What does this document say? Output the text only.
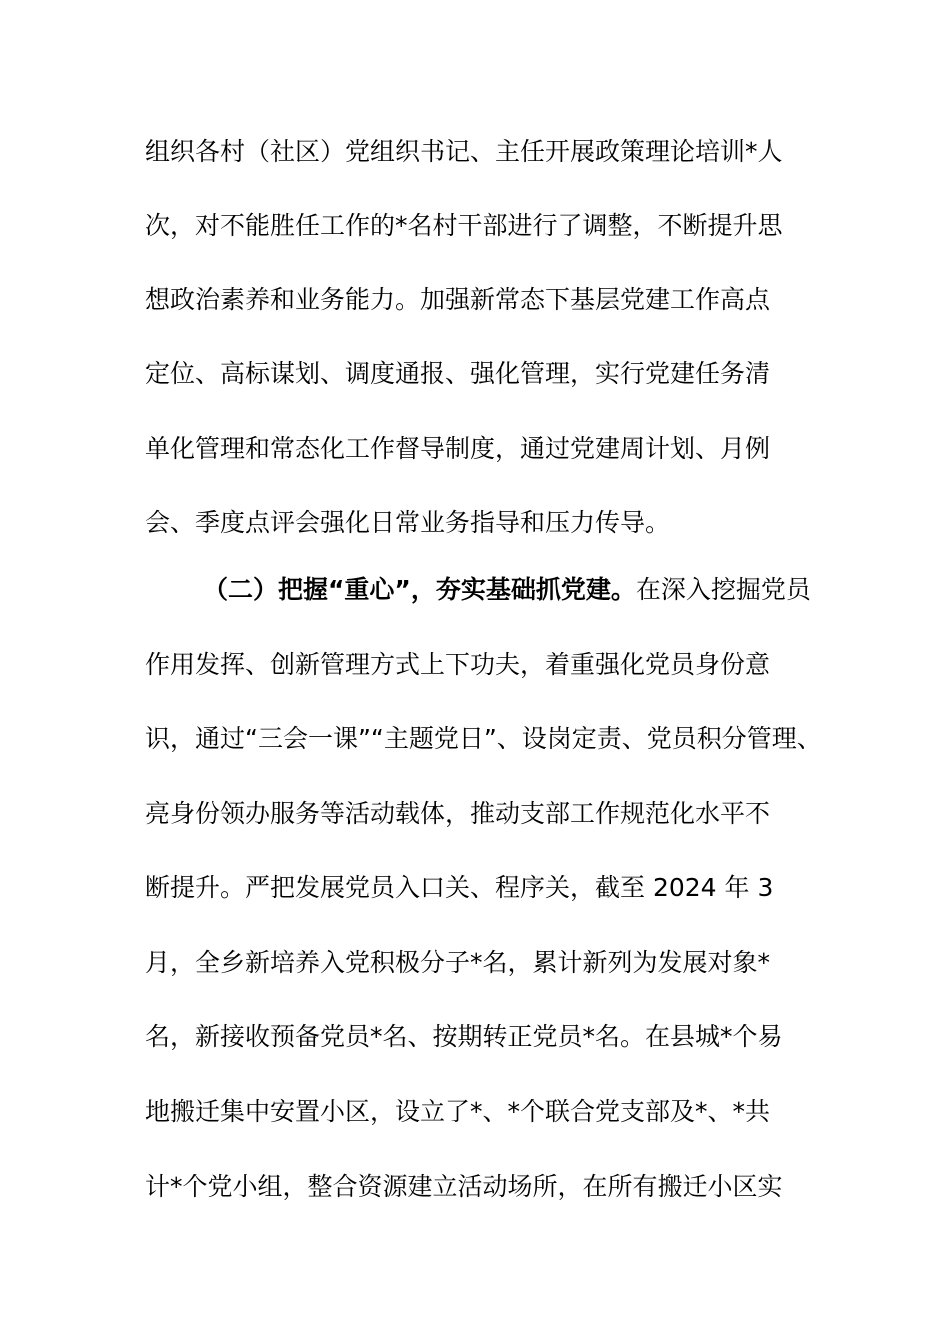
组织各村（社区）党组织书记、主任开展政策理论培训*人
次，对不能胜任工作的*名村干部进行了调整，不断提升思
想政治素养和业务能力。加强新常态下基层党建工作高点
定位、高标谋划、调度通报、强化管理，实行党建任务清
单化管理和常态化工作督导制度，通过党建周计划、月例
会、季度点评会强化日常业务指导和压力传导。
（二）把握“重心”，夯实基础抓党建。在深入挖掘党员
作用发挥、创新管理方式上下功夫，着重强化党员身份意
识，通过“三会一课”“主题党日”、设岗定责、党员积分管理、
亮身份领办服务等活动载体，推动支部工作规范化水平不
断提升。严把发展党员入口关、程序关，截至 2024 年 3
月，全乡新培养入党积极分子*名，累计新列为发展对象*
名，新接收预备党员*名、按期转正党员*名。在县城*个易
地搬迁集中安置小区，设立了*、*个联合党支部及*、*共
计*个党小组，整合资源建立活动场所，在所有搬迁小区实
